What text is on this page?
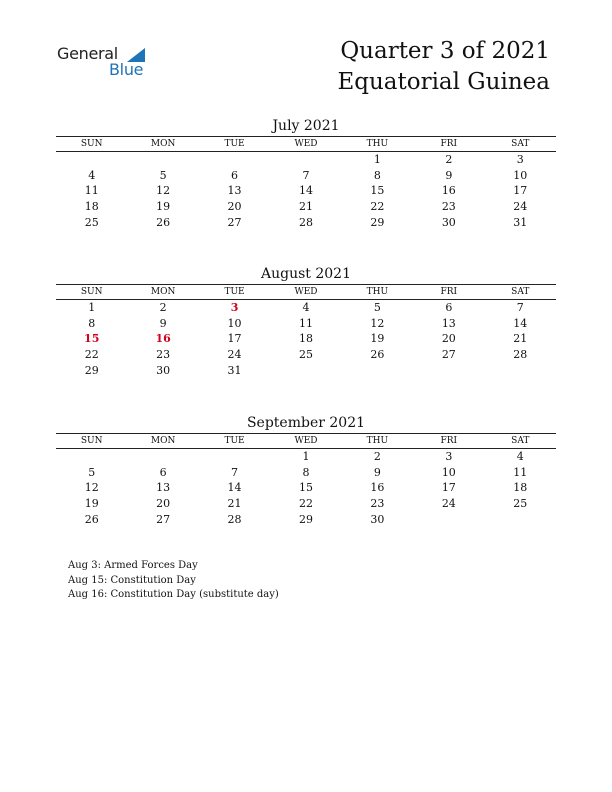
General
Blue
Quarter 3 of 2021
Equatorial Guinea
July 2021
SUN	MON	TUE	WED	THU	FRI	SAT
				1	2	3
4	5	6	7	8	9	10
11	12	13	14	15	16	17
18	19	20	21	22	23	24
25	26	27	28	29	30	31
August 2021
SUN	MON	TUE	WED	THU	FRI	SAT
1	2	3	4	5	6	7
8	9	10	11	12	13	14
15	16	17	18	19	20	21
22	23	24	25	26	27	28
29	30	31				
September 2021
SUN	MON	TUE	WED	THU	FRI	SAT
			1	2	3	4
5	6	7	8	9	10	11
12	13	14	15	16	17	18
19	20	21	22	23	24	25
26	27	28	29	30		
Aug 3: Armed Forces Day
Aug 15: Constitution Day
Aug 16: Constitution Day (substitute day)
